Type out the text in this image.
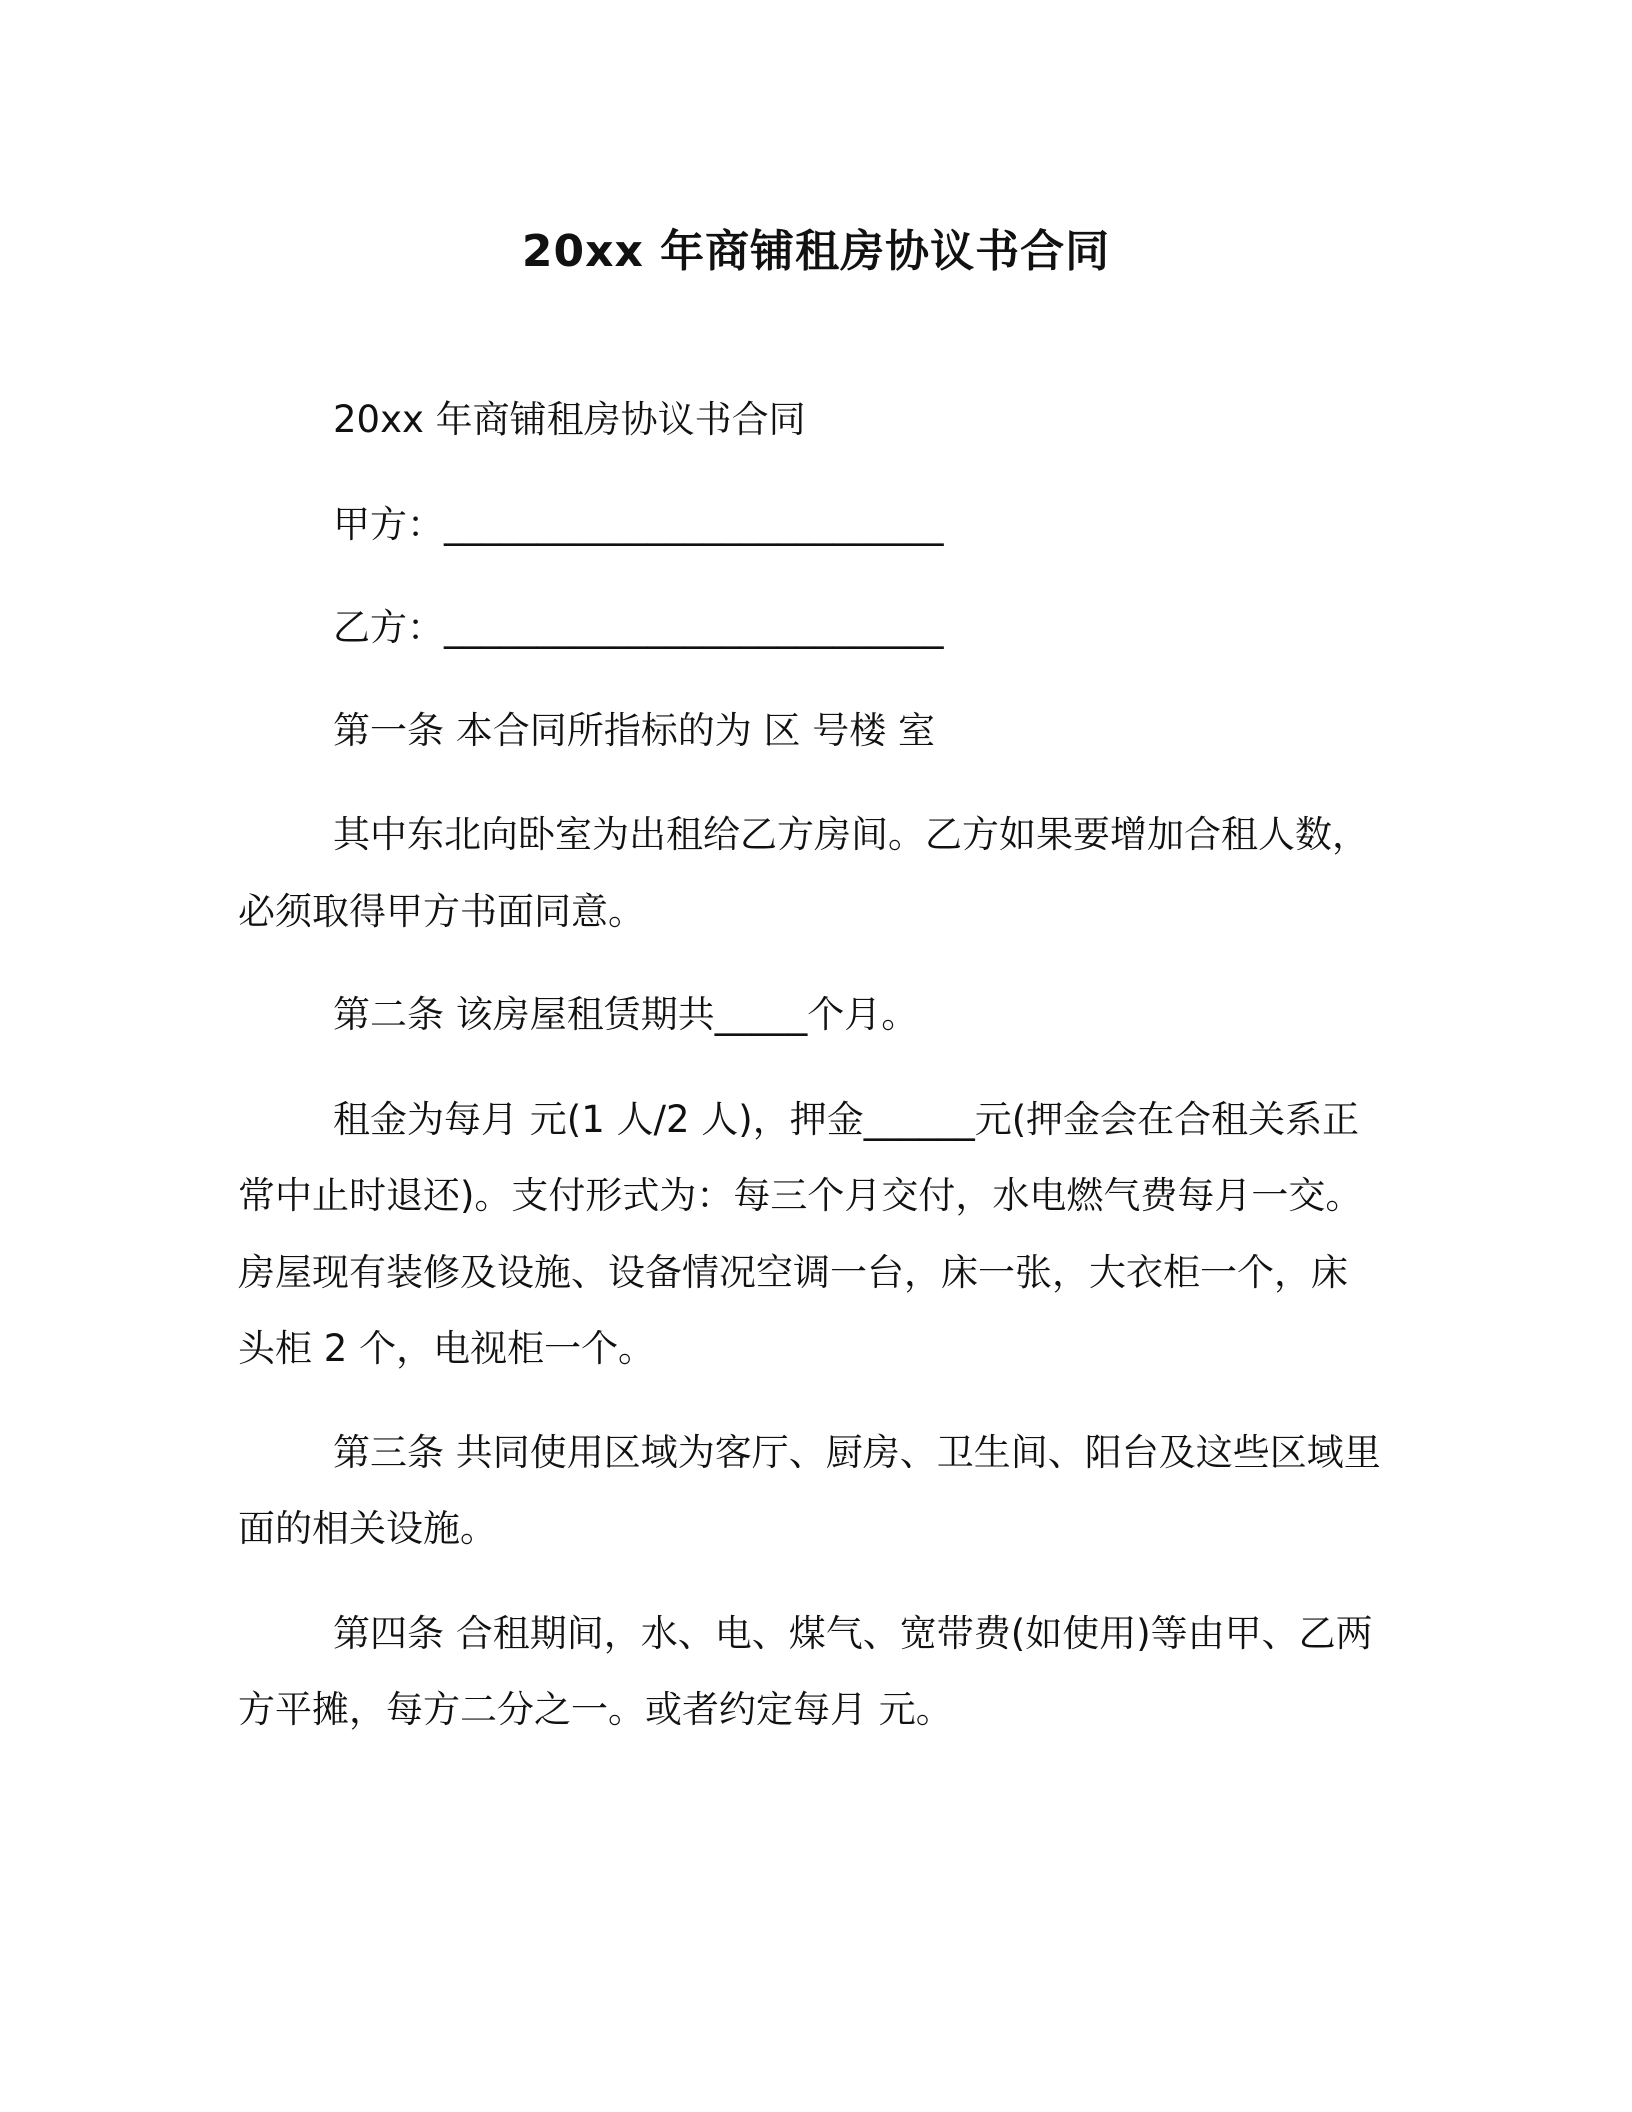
20xx 年商铺租房协议书合同
20xx 年商铺租房协议书合同
甲方：___________________________
乙方：___________________________
第一条 本合同所指标的为 区 号楼 室
其中东北向卧室为出租给乙方房间。乙方如果要增加合租人数，
必须取得甲方书面同意。
第二条 该房屋租赁期共_____个月。
租金为每月 元(1 人/2 人)，押金______元(押金会在合租关系正
常中止时退还)。支付形式为：每三个月交付，水电燃气费每月一交。
房屋现有装修及设施、设备情况空调一台，床一张，大衣柜一个，床
头柜 2 个，电视柜一个。
第三条 共同使用区域为客厅、厨房、卫生间、阳台及这些区域里
面的相关设施。
第四条 合租期间，水、电、煤气、宽带费(如使用)等由甲、乙两
方平摊，每方二分之一。或者约定每月 元。
